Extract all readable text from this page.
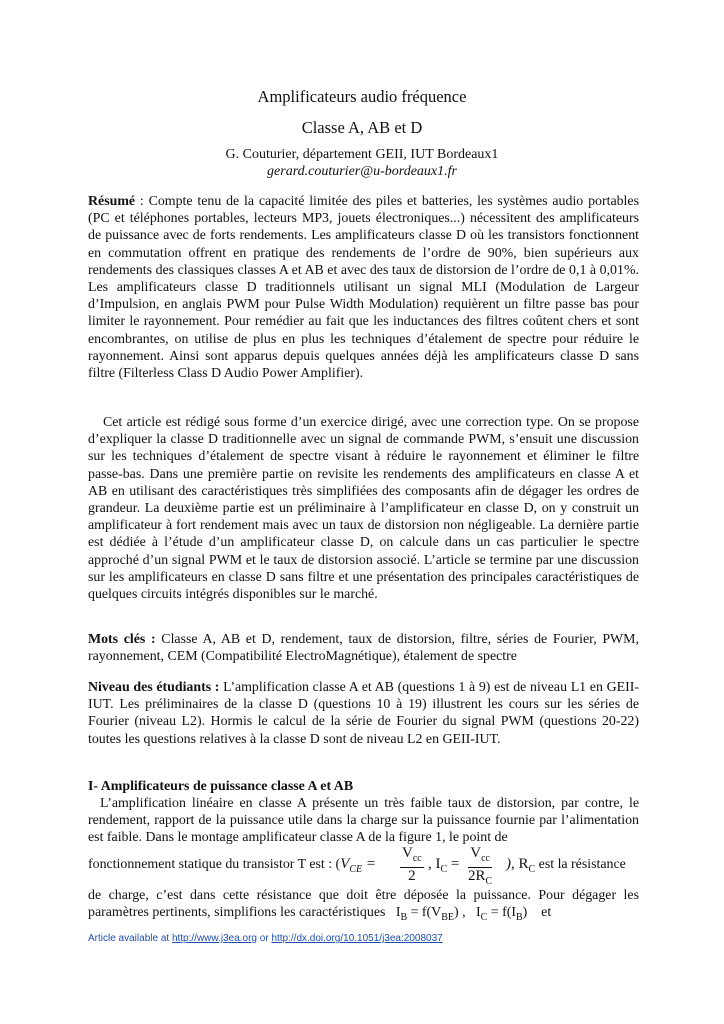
Amplificateurs audio fréquence
Classe A, AB et D
G. Couturier, département GEII, IUT Bordeaux1
gerard.couturier@u-bordeaux1.fr
Résumé : Compte tenu de la capacité limitée des piles et batteries, les systèmes audio portables (PC et téléphones portables, lecteurs MP3, jouets électroniques...) nécessitent des amplificateurs de puissance avec de forts rendements. Les amplificateurs classe D où les transistors fonctionnent en commutation offrent en pratique des rendements de l’ordre de 90%, bien supérieurs aux rendements des classiques classes A et AB et avec des taux de distorsion de l’ordre de 0,1 à 0,01%. Les amplificateurs classe D traditionnels utilisant un signal MLI (Modulation de Largeur d’Impulsion, en anglais PWM pour Pulse Width Modulation) requièrent un filtre passe bas pour limiter le rayonnement. Pour remédier au fait que les inductances des filtres coûtent chers et sont encombrantes, on utilise de plus en plus les techniques d’étalement de spectre pour réduire le rayonnement. Ainsi sont apparus depuis quelques années déjà les amplificateurs classe D sans filtre (Filterless Class D Audio Power Amplifier).
Cet article est rédigé sous forme d’un exercice dirigé, avec une correction type. On se propose d’expliquer la classe D traditionnelle avec un signal de commande PWM, s’ensuit une discussion sur les techniques d’étalement de spectre visant à réduire le rayonnement et éliminer le filtre passe-bas. Dans une première partie on revisite les rendements des amplificateurs en classe A et AB en utilisant des caractéristiques très simplifiées des composants afin de dégager les ordres de grandeur. La deuxième partie est un préliminaire à l’amplificateur en classe D, on y construit un amplificateur à fort rendement mais avec un taux de distorsion non négligeable. La dernière partie est dédiée à l’étude d’un amplificateur classe D, on calcule dans un cas particulier le spectre approché d’un signal PWM et le taux de distorsion associé. L’article se termine par une discussion sur les amplificateurs en classe D sans filtre et une présentation des principales caractéristiques de quelques circuits intégrés disponibles sur le marché.
Mots clés : Classe A, AB et D, rendement, taux de distorsion, filtre, séries de Fourier, PWM, rayonnement, CEM (Compatibilité ElectroMagnétique), étalement de spectre
Niveau des étudiants : L’amplification classe A et AB (questions 1 à 9) est de niveau L1 en GEII-IUT. Les préliminaires de la classe D (questions 10 à 19) illustrent les cours sur les séries de Fourier (niveau L2). Hormis le calcul de la série de Fourier du signal PWM (questions 20-22) toutes les questions relatives à la classe D sont de niveau L2 en GEII-IUT.
I- Amplificateurs de puissance classe A et AB
L’amplification linéaire en classe A présente un très faible taux de distorsion, par contre, le rendement, rapport de la puissance utile dans la charge sur la puissance fournie par l’alimentation est faible. Dans le montage amplificateur classe A de la figure 1, le point de
fonctionnement statique du transistor T est : ($V_{CE} = \frac{V_{cc}}{2}$ , $I_C = \frac{V_{cc}}{2R_C}$ ), $R_C$ est la résistance
de charge, c’est dans cette résistance que doit être déposée la puissance. Pour dégager les paramètres pertinents, simplifions les caractéristiques $I_B = f(V_{BE})$ ,   $I_C = f(I_B)$ et
Article available at http://www.j3ea.org or http://dx.doi.org/10.1051/j3ea:2008037
